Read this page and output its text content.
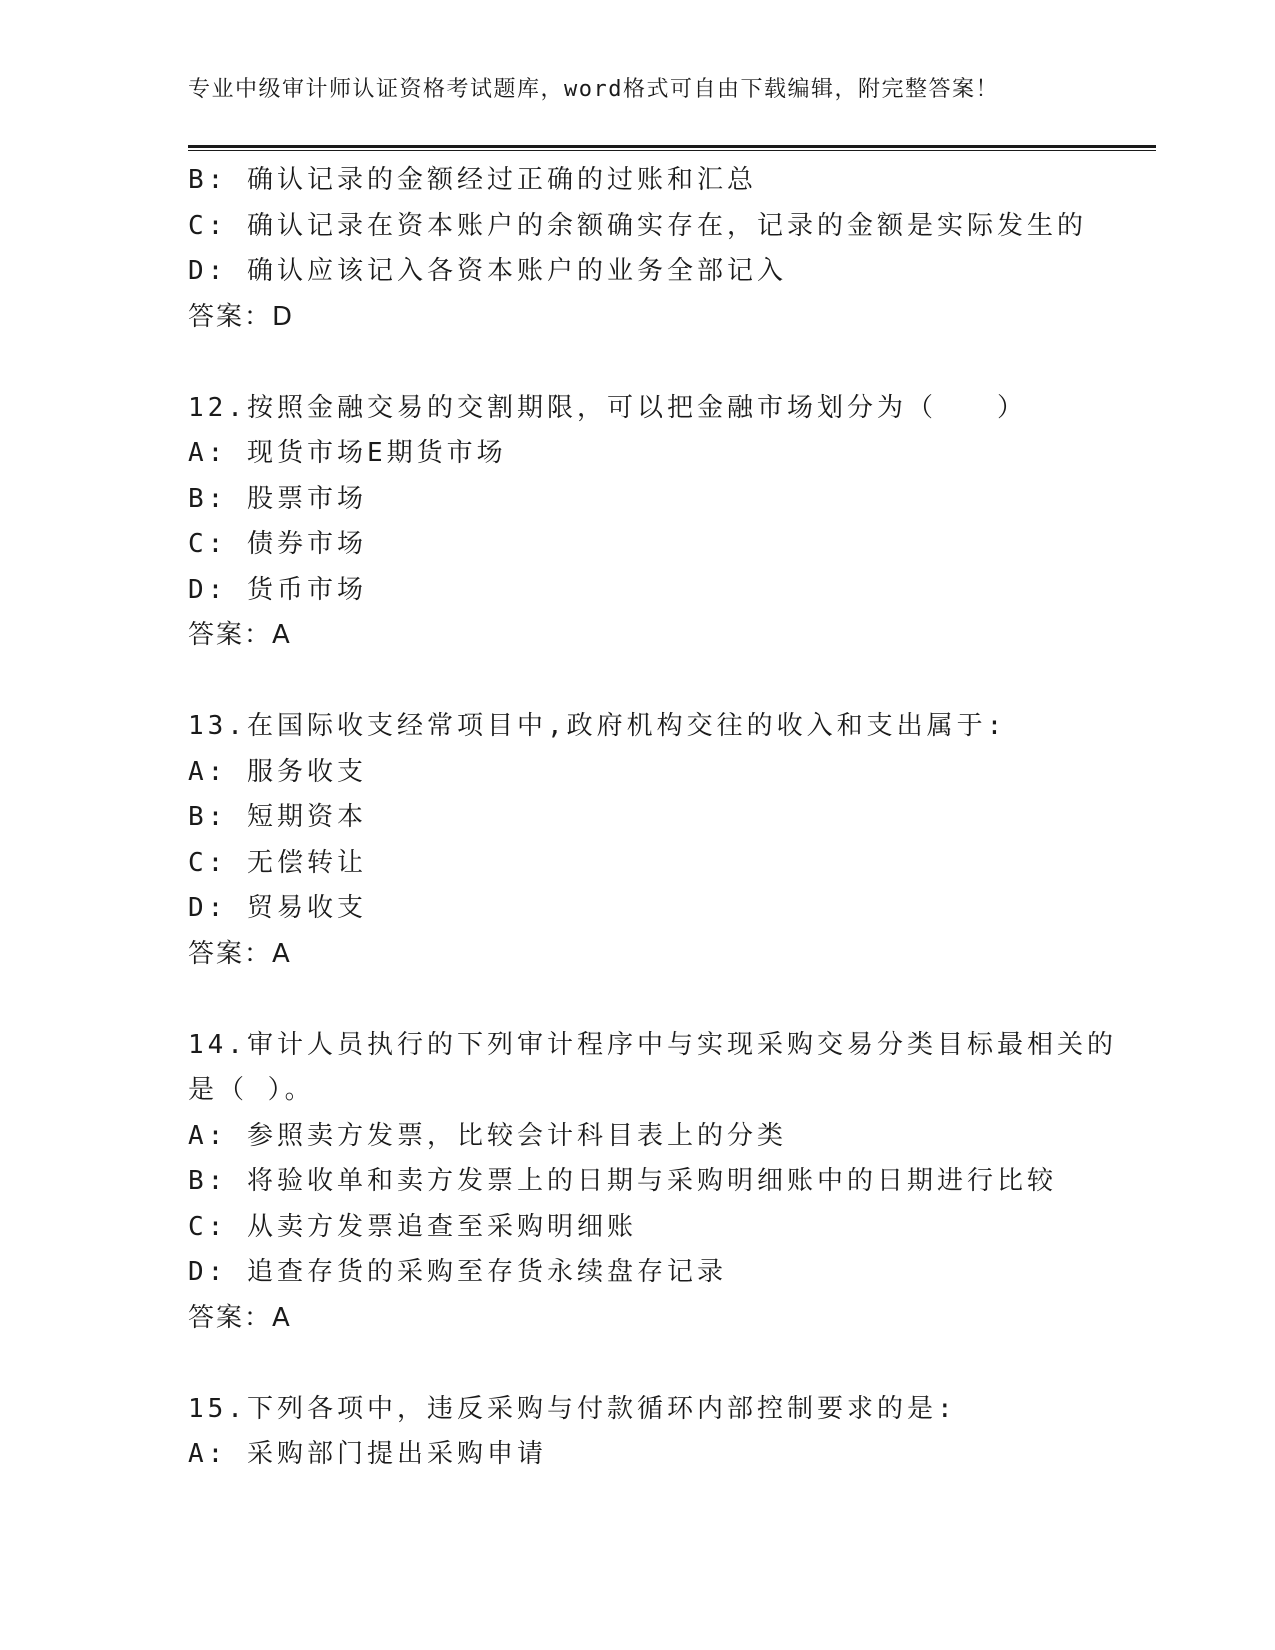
专业中级审计师认证资格考试题库，word格式可自由下载编辑，附完整答案！
B: 确认记录的金额经过正确的过账和汇总
C: 确认记录在资本账户的余额确实存在，记录的金额是实际发生的
D: 确认应该记入各资本账户的业务全部记入
答案：D
12.按照金融交易的交割期限，可以把金融市场划分为（　　）
A: 现货市场E期货市场
B: 股票市场
C: 债券市场
D: 货币市场
答案：A
13.在国际收支经常项目中,政府机构交往的收入和支出属于:
A: 服务收支
B: 短期资本
C: 无偿转让
D: 贸易收支
答案：A
14.审计人员执行的下列审计程序中与实现采购交易分类目标最相关的
是（ ）。
A: 参照卖方发票，比较会计科目表上的分类
B: 将验收单和卖方发票上的日期与采购明细账中的日期进行比较
C: 从卖方发票追查至采购明细账
D: 追查存货的采购至存货永续盘存记录
答案：A
15.下列各项中，违反采购与付款循环内部控制要求的是:
A: 采购部门提出采购申请
